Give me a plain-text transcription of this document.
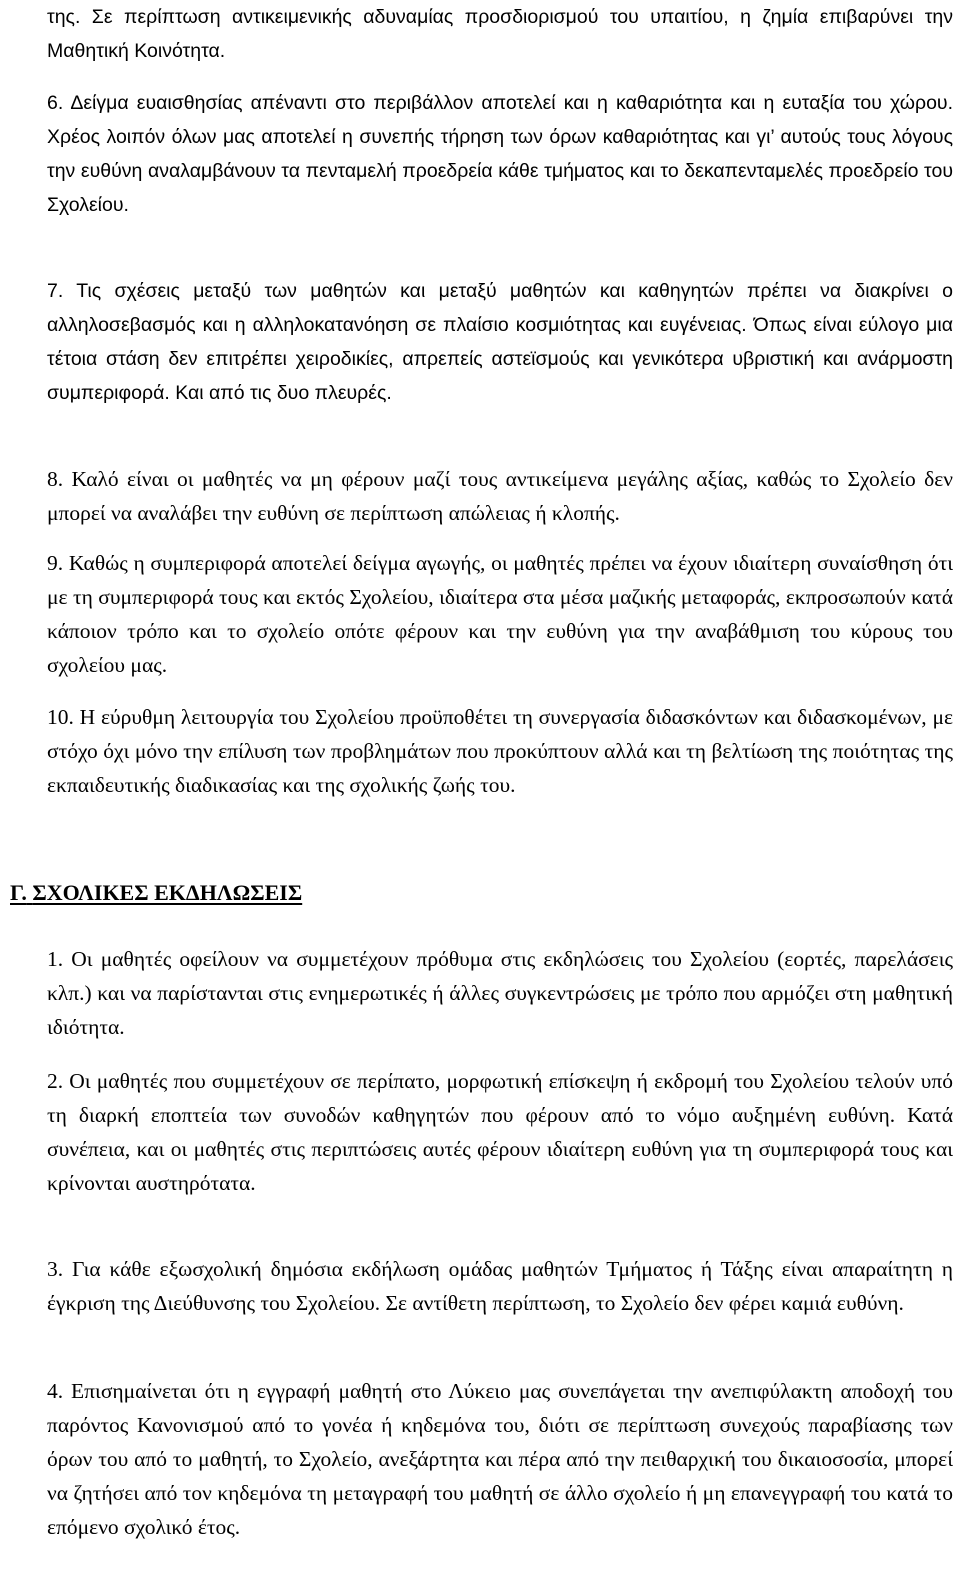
της. Σε περίπτωση αντικειμενικής αδυναμίας προσδιορισμού του υπαιτίου, η ζημία επιβαρύνει την Μαθητική Κοινότητα.

6. Δείγμα ευαισθησίας απέναντι στο περιβάλλον αποτελεί και η καθαριότητα και η ευταξία του χώρου. Χρέος λοιπόν όλων μας αποτελεί η συνεπής τήρηση των όρων καθαριότητας και γι’ αυτούς τους λόγους την ευθύνη αναλαμβάνουν τα πενταμελή προεδρεία κάθε τμήματος και το δεκαπενταμελές προεδρείο του Σχολείου.

7. Τις σχέσεις μεταξύ των μαθητών και μεταξύ μαθητών και καθηγητών πρέπει να διακρίνει ο αλληλοσεβασμός και η αλληλοκατανόηση σε πλαίσιο κοσμιότητας και ευγένειας. Όπως είναι εύλογο μια τέτοια στάση δεν επιτρέπει χειροδικίες, απρεπείς αστεϊσμούς και γενικότερα υβριστική και ανάρμοστη συμπεριφορά. Και από τις δυο πλευρές.

8. Καλό είναι οι μαθητές να μη φέρουν μαζί τους αντικείμενα μεγάλης αξίας, καθώς το Σχολείο δεν μπορεί να αναλάβει την ευθύνη σε περίπτωση απώλειας ή κλοπής.

9. Καθώς η συμπεριφορά αποτελεί δείγμα αγωγής, οι μαθητές πρέπει να έχουν ιδιαίτερη συναίσθηση ότι με τη συμπεριφορά τους και εκτός Σχολείου, ιδιαίτερα στα μέσα μαζικής μεταφοράς, εκπροσωπούν κατά κάποιον τρόπο και το σχολείο οπότε φέρουν και την ευθύνη για την αναβάθμιση του κύρους του σχολείου μας.

10. Η εύρυθμη λειτουργία του Σχολείου προϋποθέτει τη συνεργασία διδασκόντων και διδασκομένων, με στόχο όχι μόνο την επίλυση των προβλημάτων που προκύπτουν αλλά και τη βελτίωση της ποιότητας της εκπαιδευτικής διαδικασίας και της σχολικής ζωής του.

Γ. ΣΧΟΛΙΚΕΣ ΕΚΔΗΛΩΣΕΙΣ

1. Οι μαθητές οφείλουν να συμμετέχουν πρόθυμα στις εκδηλώσεις του Σχολείου (εορτές, παρελάσεις κλπ.) και να παρίστανται στις ενημερωτικές ή άλλες συγκεντρώσεις με τρόπο που αρμόζει στη μαθητική ιδιότητα.

2. Οι μαθητές που συμμετέχουν σε περίπατο, μορφωτική επίσκεψη ή εκδρομή του Σχολείου τελούν υπό τη διαρκή εποπτεία των συνοδών καθηγητών που φέρουν από το νόμο αυξημένη ευθύνη. Κατά συνέπεια, και οι μαθητές στις περιπτώσεις αυτές φέρουν ιδιαίτερη ευθύνη για τη συμπεριφορά τους και κρίνονται αυστηρότατα.

3. Για κάθε εξωσχολική δημόσια εκδήλωση ομάδας μαθητών Τμήματος ή Τάξης είναι απαραίτητη η έγκριση της Διεύθυνσης του Σχολείου. Σε αντίθετη περίπτωση, το Σχολείο δεν φέρει καμιά ευθύνη.

4. Επισημαίνεται ότι η εγγραφή μαθητή στο Λύκειο μας συνεπάγεται την ανεπιφύλακτη αποδοχή του παρόντος Κανονισμού από το γονέα ή κηδεμόνα του, διότι σε περίπτωση συνεχούς παραβίασης των όρων του από το μαθητή, το Σχολείο, ανεξάρτητα και πέρα από την πειθαρχική του δικαιοσοσία, μπορεί να ζητήσει από τον κηδεμόνα τη μεταγραφή του μαθητή σε άλλο σχολείο ή μη επανεγγραφή του κατά το επόμενο σχολικό έτος.
